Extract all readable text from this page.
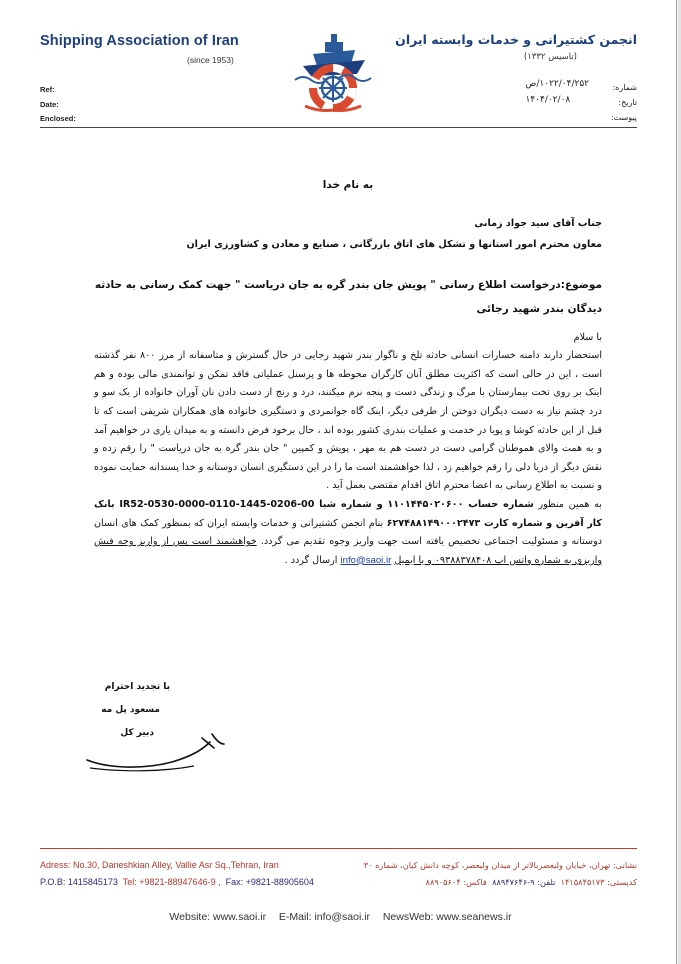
Shipping Association of Iran
(since 1953)
انجمن کشتیرانی و خدمات وابسته ایران
(تاسیس ۱۳۳۲)
Ref:
Date:
Enclosed:
شماره:
تاریخ:
پیوست:
۱۰۲۲/۰۴/۲۵۲/ص
۱۴۰۴/۰۲/۰۸
به نام خدا
جناب آقای سید جواد زمانی
معاون محترم امور استانها و تشکل های اتاق بازرگانی ، صنایع و معادن و کشاورزی ایران
موضوع:درخواست اطلاع رسانی " پویش جان بندر گره به جان دریاست " جهت کمک رسانی به حادثه دیدگان بندر شهید رجائی
با سلام
استحضار دارند دامنه خسارات انسانی حادثه تلخ و ناگوار بندر شهید رجایی در حال گسترش و متاسفانه از مرز ۸۰۰ نفر گذشته است ، این در حالی است که اکثریت مطلق آنان کارگران محوطه ها و پرسنل عملیاتی فاقد تمکن و توانمندی مالی بوده و هم اینک بر روی تخت بیمارستان با مرگ و زندگی دست و پنجه نرم میکنند، درد و رنج از دست دادن نان آوران خانواده از یک سو و درد چشم نیاز به دست دیگران دوختن از طرفی دیگر، اینک گاه جوانمردی و دستگیری خانواده های همکاران شریفی است که تا قبل از این حادثه کوشا و پویا در خدمت و عملیات بندری کشور بوده اند ، حال برخود فرض دانسته و به میدان یاری در خواهیم آمد و به همت والای هموطنان گرامی دست در دست هم به مهر ، پویش و کمپین " جان بندر گره به جان دریاست " را رقم زده و نقش دیگر از دریا دلی را رقم خواهیم زد ، لذا خواهشمند است ما را در این دستگیری انسان دوستانه و خدا پسندانه حمایت نموده و نسبت به اطلاع رسانی به اعضا محترم اتاق اقدام مقتضی بعمل آید .
به همین منظور شماره حساب ۱۱۰۱۴۴۵۰۲۰۶۰۰ و شماره شبا IR52-0530-0000-0110-1445-0206-00 بانک کار آفرین و شماره کارت ۶۲۷۴۸۸۱۴۹۰۰۰۲۴۷۳ بنام انجمن کشتیرانی و خدمات وابسته ایران که بمنظور کمک های انسان دوستانه و مسئولیت اجتماعی تخصیص یافته است جهت واریز وجوه تقدیم می گردد. خواهشمند است پس از واریز وجه فیش واریزی به شماره واتس اپ ۰۹۳۸۸۳۷۸۴۰۸ و یا ایمیل info@saoi.ir ارسال گردد .
با تجدید احترام
مسعود پل مه
دبیر کل
Adress: No.30, Daneshkian Alley, Vallie Asr Sq.,Tehran, Iran
P.O.B: 1415845173 Tel: +9821-88947646-9 ,  Fax: +9821-88905604
نشانی: تهران، خیابان ولیعصربالاتر از میدان ولیعصر، کوچه دانش کیان، شماره ۳۰
کدپستی: ۱۴۱۵۸۴۵۱۷۳  تلفن: ۹-۸۸۹۴۷۶۴۶  فاکس: ۸۸۹۰۵۶۰۴
Website: www.saoi.ir E-Mail: info@saoi.ir NewsWeb: www.seanews.ir
